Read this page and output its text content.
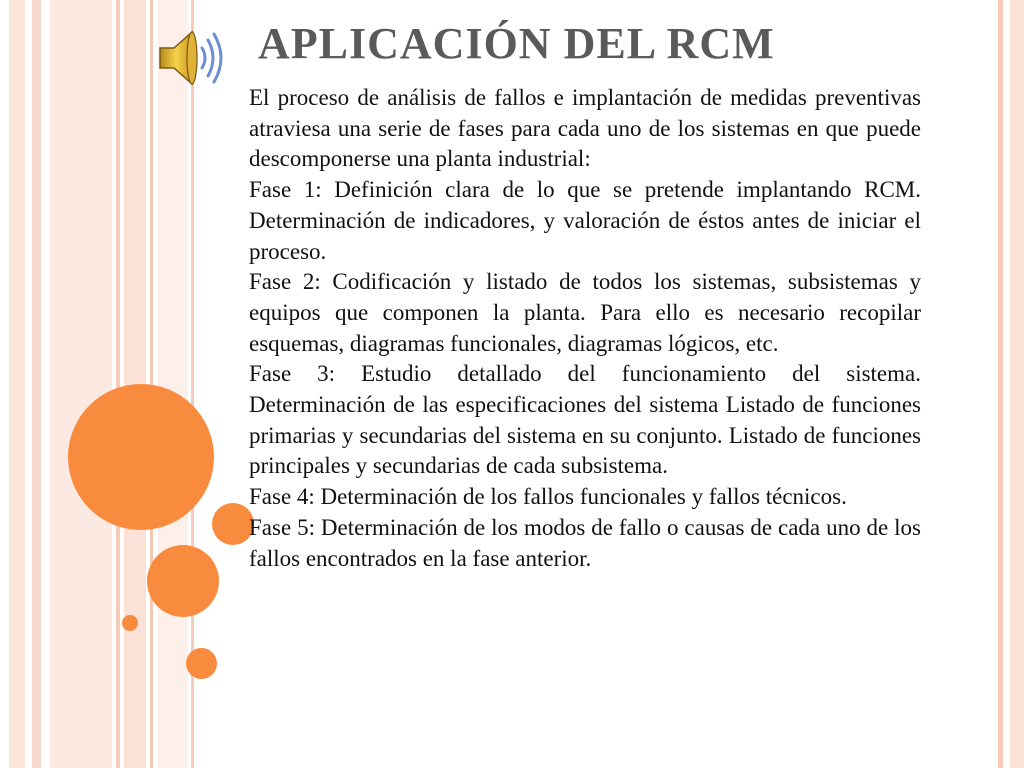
APLICACIÓN DEL RCM

El proceso de análisis de fallos e implantación de medidas preventivas atraviesa una serie de fases para cada uno de los sistemas en que puede descomponerse una planta industrial:

Fase 1: Definición clara de lo que se pretende implantando RCM. Determinación de indicadores, y valoración de éstos antes de iniciar el proceso.

Fase 2: Codificación y listado de todos los sistemas, subsistemas y equipos que componen la planta. Para ello es necesario recopilar esquemas, diagramas funcionales, diagramas lógicos, etc.

Fase 3: Estudio detallado del funcionamiento del sistema. Determinación de las especificaciones del sistema Listado de funciones primarias y secundarias del sistema en su conjunto. Listado de funciones principales y secundarias de cada subsistema.

Fase 4: Determinación de los fallos funcionales y fallos técnicos.

Fase 5: Determinación de los modos de fallo o causas de cada uno de los fallos encontrados en la fase anterior.
